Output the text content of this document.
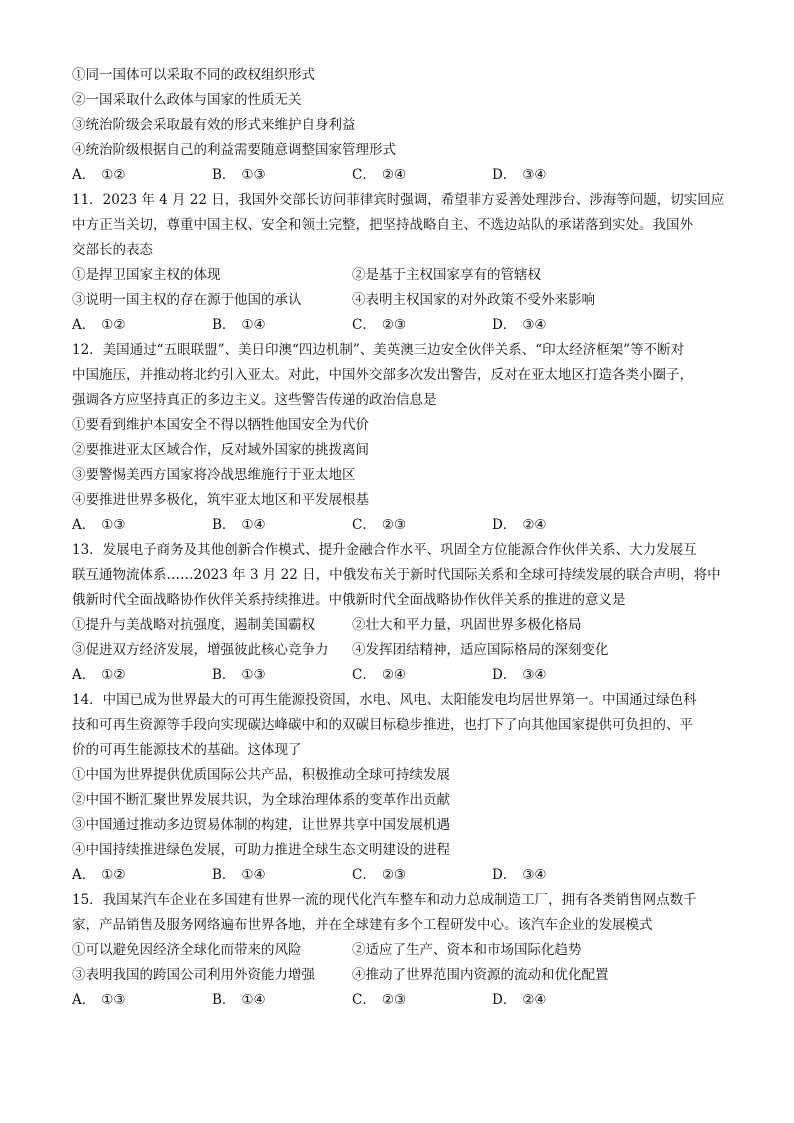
①同一国体可以采取不同的政权组织形式
②一国采取什么政体与国家的性质无关
③统治阶级会采取最有效的形式来维护自身利益
④统治阶级根据自己的利益需要随意调整国家管理形式
A． ①②	B． ①③	C． ②④	D． ③④
11．2023 年 4 月 22 日，我国外交部长访问菲律宾时强调，希望菲方妥善处理涉台、涉海等问题，切实回应
中方正当关切，尊重中国主权、安全和领土完整，把坚持战略自主、不选边站队的承诺落到实处。我国外
交部长的表态
①是捍卫国家主权的体现	②是基于主权国家享有的管辖权
③说明一国主权的存在源于他国的承认	④表明主权国家的对外政策不受外来影响
A． ①②	B． ①④	C． ②③	D． ③④
12．美国通过“五眼联盟”、美日印澳“四边机制”、美英澳三边安全伙伴关系、“印太经济框架”等不断对
中国施压，并推动将北约引入亚太。对此，中国外交部多次发出警告，反对在亚太地区打造各类小圈子，
强调各方应坚持真正的多边主义。这些警告传递的政治信息是
①要看到维护本国安全不得以牺牲他国安全为代价
②要推进亚太区域合作，反对域外国家的挑拨离间
③要警惕美西方国家将冷战思维施行于亚太地区
④要推进世界多极化，筑牢亚太地区和平发展根基
A． ①③	B． ①④	C． ②③	D． ②④
13．发展电子商务及其他创新合作模式、提升金融合作水平、巩固全方位能源合作伙伴关系、大力发展互
联互通物流体系……2023 年 3 月 22 日，中俄发布关于新时代国际关系和全球可持续发展的联合声明，将中
俄新时代全面战略协作伙伴关系持续推进。中俄新时代全面战略协作伙伴关系的推进的意义是
①提升与美战略对抗强度，遏制美国霸权	②壮大和平力量，巩固世界多极化格局
③促进双方经济发展，增强彼此核心竞争力	④发挥团结精神，适应国际格局的深刻变化
A． ①②	B． ①③	C． ②④	D． ③④
14．中国已成为世界最大的可再生能源投资国，水电、风电、太阳能发电均居世界第一。中国通过绿色科
技和可再生资源等手段向实现碳达峰碳中和的双碳目标稳步推进，也打下了向其他国家提供可负担的、平
价的可再生能源技术的基础。这体现了
①中国为世界提供优质国际公共产品，积极推动全球可持续发展
②中国不断汇聚世界发展共识，为全球治理体系的变革作出贡献
③中国通过推动多边贸易体制的构建，让世界共享中国发展机遇
④中国持续推进绿色发展，可助力推进全球生态文明建设的进程
A． ①②	B． ①④	C． ②③	D． ③④
15．我国某汽车企业在多国建有世界一流的现代化汽车整车和动力总成制造工厂，拥有各类销售网点数千
家，产品销售及服务网络遍布世界各地，并在全球建有多个工程研发中心。该汽车企业的发展模式
①可以避免因经济全球化而带来的风险	②适应了生产、资本和市场国际化趋势
③表明我国的跨国公司利用外资能力增强	④推动了世界范围内资源的流动和优化配置
A． ①③	B． ①④	C． ②③	D． ②④
